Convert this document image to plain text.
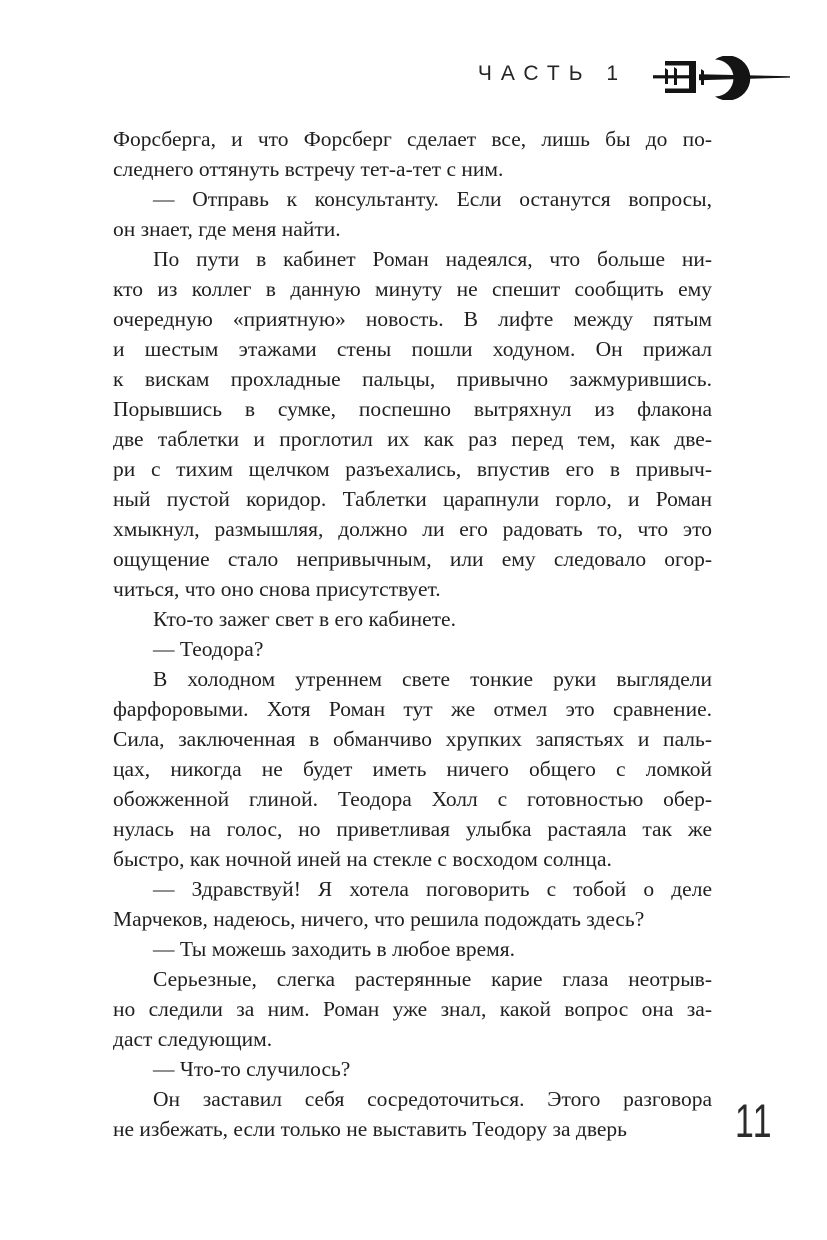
ЧАСТЬ 1
Форсберга, и что Форсберг сделает все, лишь бы до по-
следнего оттянуть встречу тет-а-тет с ним.
— Отправь к консультанту. Если останутся вопросы,
он знает, где меня найти.
По пути в кабинет Роман надеялся, что больше ни-
кто из коллег в данную минуту не спешит сообщить ему
очередную «приятную» новость. В лифте между пятым
и шестым этажами стены пошли ходуном. Он прижал
к вискам прохладные пальцы, привычно зажмурившись.
Порывшись в сумке, поспешно вытряхнул из флакона
две таблетки и проглотил их как раз перед тем, как две-
ри с тихим щелчком разъехались, впустив его в привыч-
ный пустой коридор. Таблетки царапнули горло, и Роман
хмыкнул, размышляя, должно ли его радовать то, что это
ощущение стало непривычным, или ему следовало огор-
читься, что оно снова присутствует.
Кто-то зажег свет в его кабинете.
— Теодора?
В холодном утреннем свете тонкие руки выглядели
фарфоровыми. Хотя Роман тут же отмел это сравнение.
Сила, заключенная в обманчиво хрупких запястьях и паль-
цах, никогда не будет иметь ничего общего с ломкой
обожженной глиной. Теодора Холл с готовностью обер-
нулась на голос, но приветливая улыбка растаяла так же
быстро, как ночной иней на стекле с восходом солнца.
— Здравствуй! Я хотела поговорить с тобой о деле
Марчеков, надеюсь, ничего, что решила подождать здесь?
— Ты можешь заходить в любое время.
Серьезные, слегка растерянные карие глаза неотрыв-
но следили за ним. Роман уже знал, какой вопрос она за-
даст следующим.
— Что-то случилось?
Он заставил себя сосредоточиться. Этого разговора
не избежать, если только не выставить Теодору за дверь	11
